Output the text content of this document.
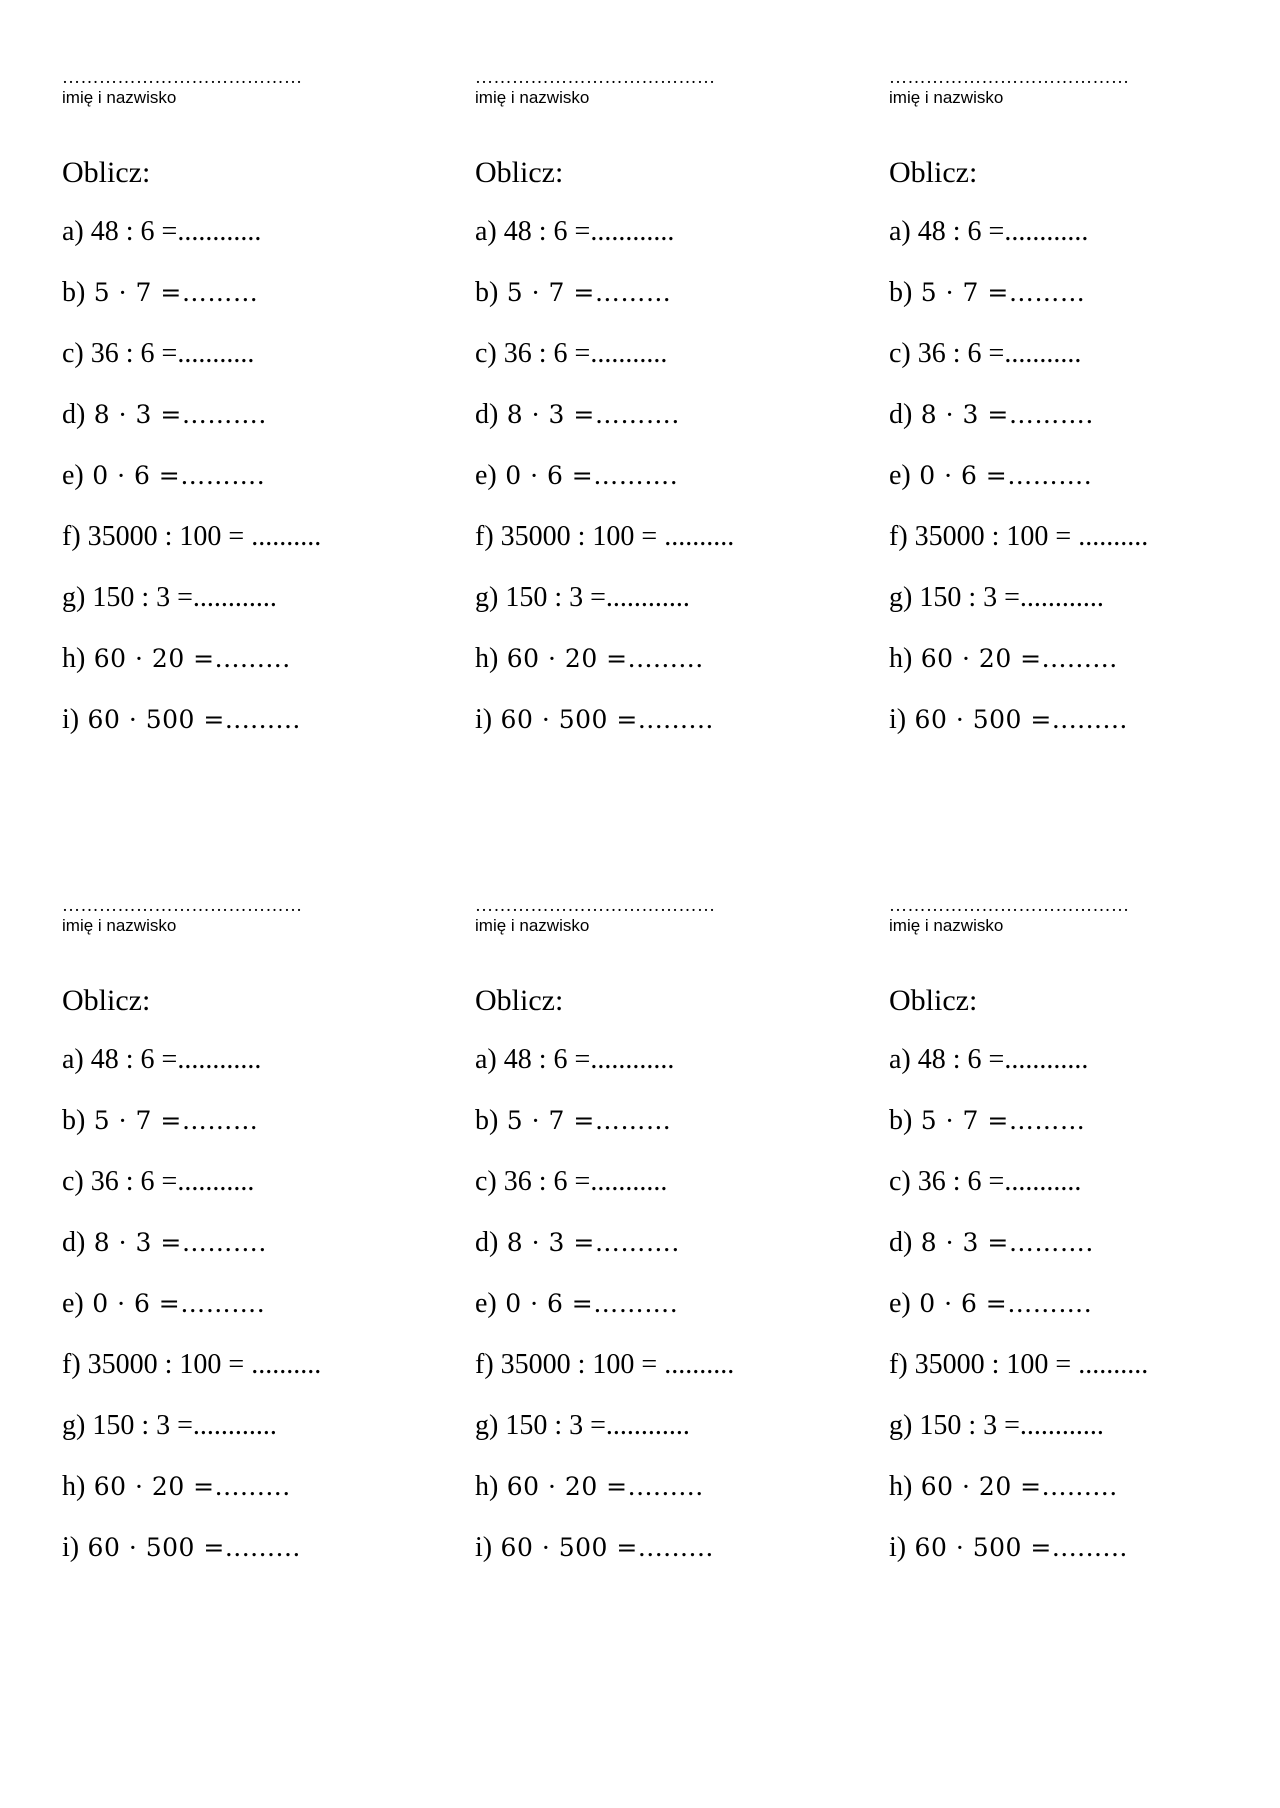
…………………………………
imię i nazwisko
Oblicz:
a) 48 : 6 =............
b) 5 · 7 =………
c) 36 : 6 =...........
d) 8 · 3 =……….
e) 0 · 6 =……….
f) 35000 : 100 = ..........
g) 150 : 3 =............
h) 60 · 20 =.........
i) 60 · 500 =.........
…………………………………
imię i nazwisko
Oblicz:
a) 48 : 6 =............
b) 5 · 7 =………
c) 36 : 6 =...........
d) 8 · 3 =……….
e) 0 · 6 =……….
f) 35000 : 100 = ..........
g) 150 : 3 =............
h) 60 · 20 =.........
i) 60 · 500 =.........
…………………………………
imię i nazwisko
Oblicz:
a) 48 : 6 =............
b) 5 · 7 =………
c) 36 : 6 =...........
d) 8 · 3 =……….
e) 0 · 6 =……….
f) 35000 : 100 = ..........
g) 150 : 3 =............
h) 60 · 20 =.........
i) 60 · 500 =.........
…………………………………
imię i nazwisko
Oblicz:
a) 48 : 6 =............
b) 5 · 7 =………
c) 36 : 6 =...........
d) 8 · 3 =……….
e) 0 · 6 =……….
f) 35000 : 100 = ..........
g) 150 : 3 =............
h) 60 · 20 =.........
i) 60 · 500 =.........
…………………………………
imię i nazwisko
Oblicz:
a) 48 : 6 =............
b) 5 · 7 =………
c) 36 : 6 =...........
d) 8 · 3 =……….
e) 0 · 6 =……….
f) 35000 : 100 = ..........
g) 150 : 3 =............
h) 60 · 20 =.........
i) 60 · 500 =.........
…………………………………
imię i nazwisko
Oblicz:
a) 48 : 6 =............
b) 5 · 7 =………
c) 36 : 6 =...........
d) 8 · 3 =……….
e) 0 · 6 =……….
f) 35000 : 100 = ..........
g) 150 : 3 =............
h) 60 · 20 =.........
i) 60 · 500 =.........
